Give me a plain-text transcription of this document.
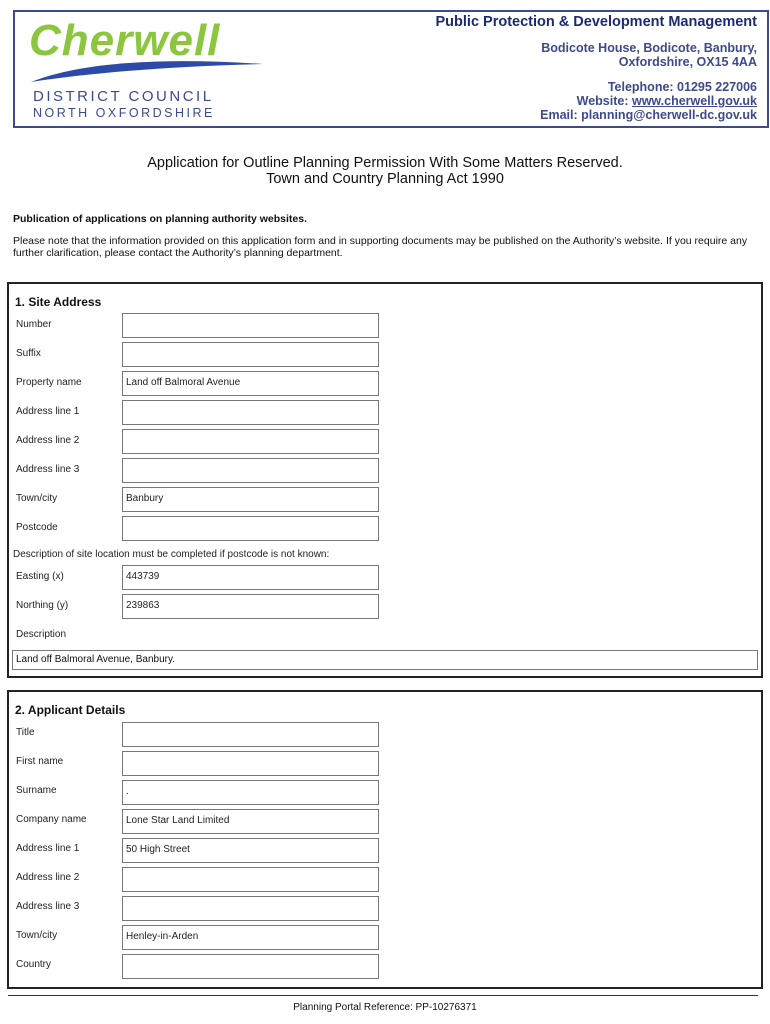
Cherwell
DISTRICT COUNCIL
NORTH OXFORDSHIRE
Public Protection & Development Management
Bodicote House, Bodicote, Banbury,
Oxfordshire, OX15 4AA
Telephone: 01295 227006
Website: www.cherwell.gov.uk
Email: planning@cherwell-dc.gov.uk
Application for Outline Planning Permission With Some Matters Reserved.
Town and Country Planning Act 1990
Publication of applications on planning authority websites.
Please note that the information provided on this application form and in supporting documents may be published on the Authority’s website. If you require any further clarification, please contact the Authority’s planning department.
1. Site Address
Number
Suffix
Property name	Land off Balmoral Avenue
Address line 1
Address line 2
Address line 3
Town/city	Banbury
Postcode
Description of site location must be completed if postcode is not known:
Easting (x)	443739
Northing (y)	239863
Description
Land off Balmoral Avenue, Banbury.
2. Applicant Details
Title
First name
Surname	.
Company name	Lone Star Land Limited
Address line 1	50 High Street
Address line 2
Address line 3
Town/city	Henley-in-Arden
Country
Planning Portal Reference: PP-10276371
